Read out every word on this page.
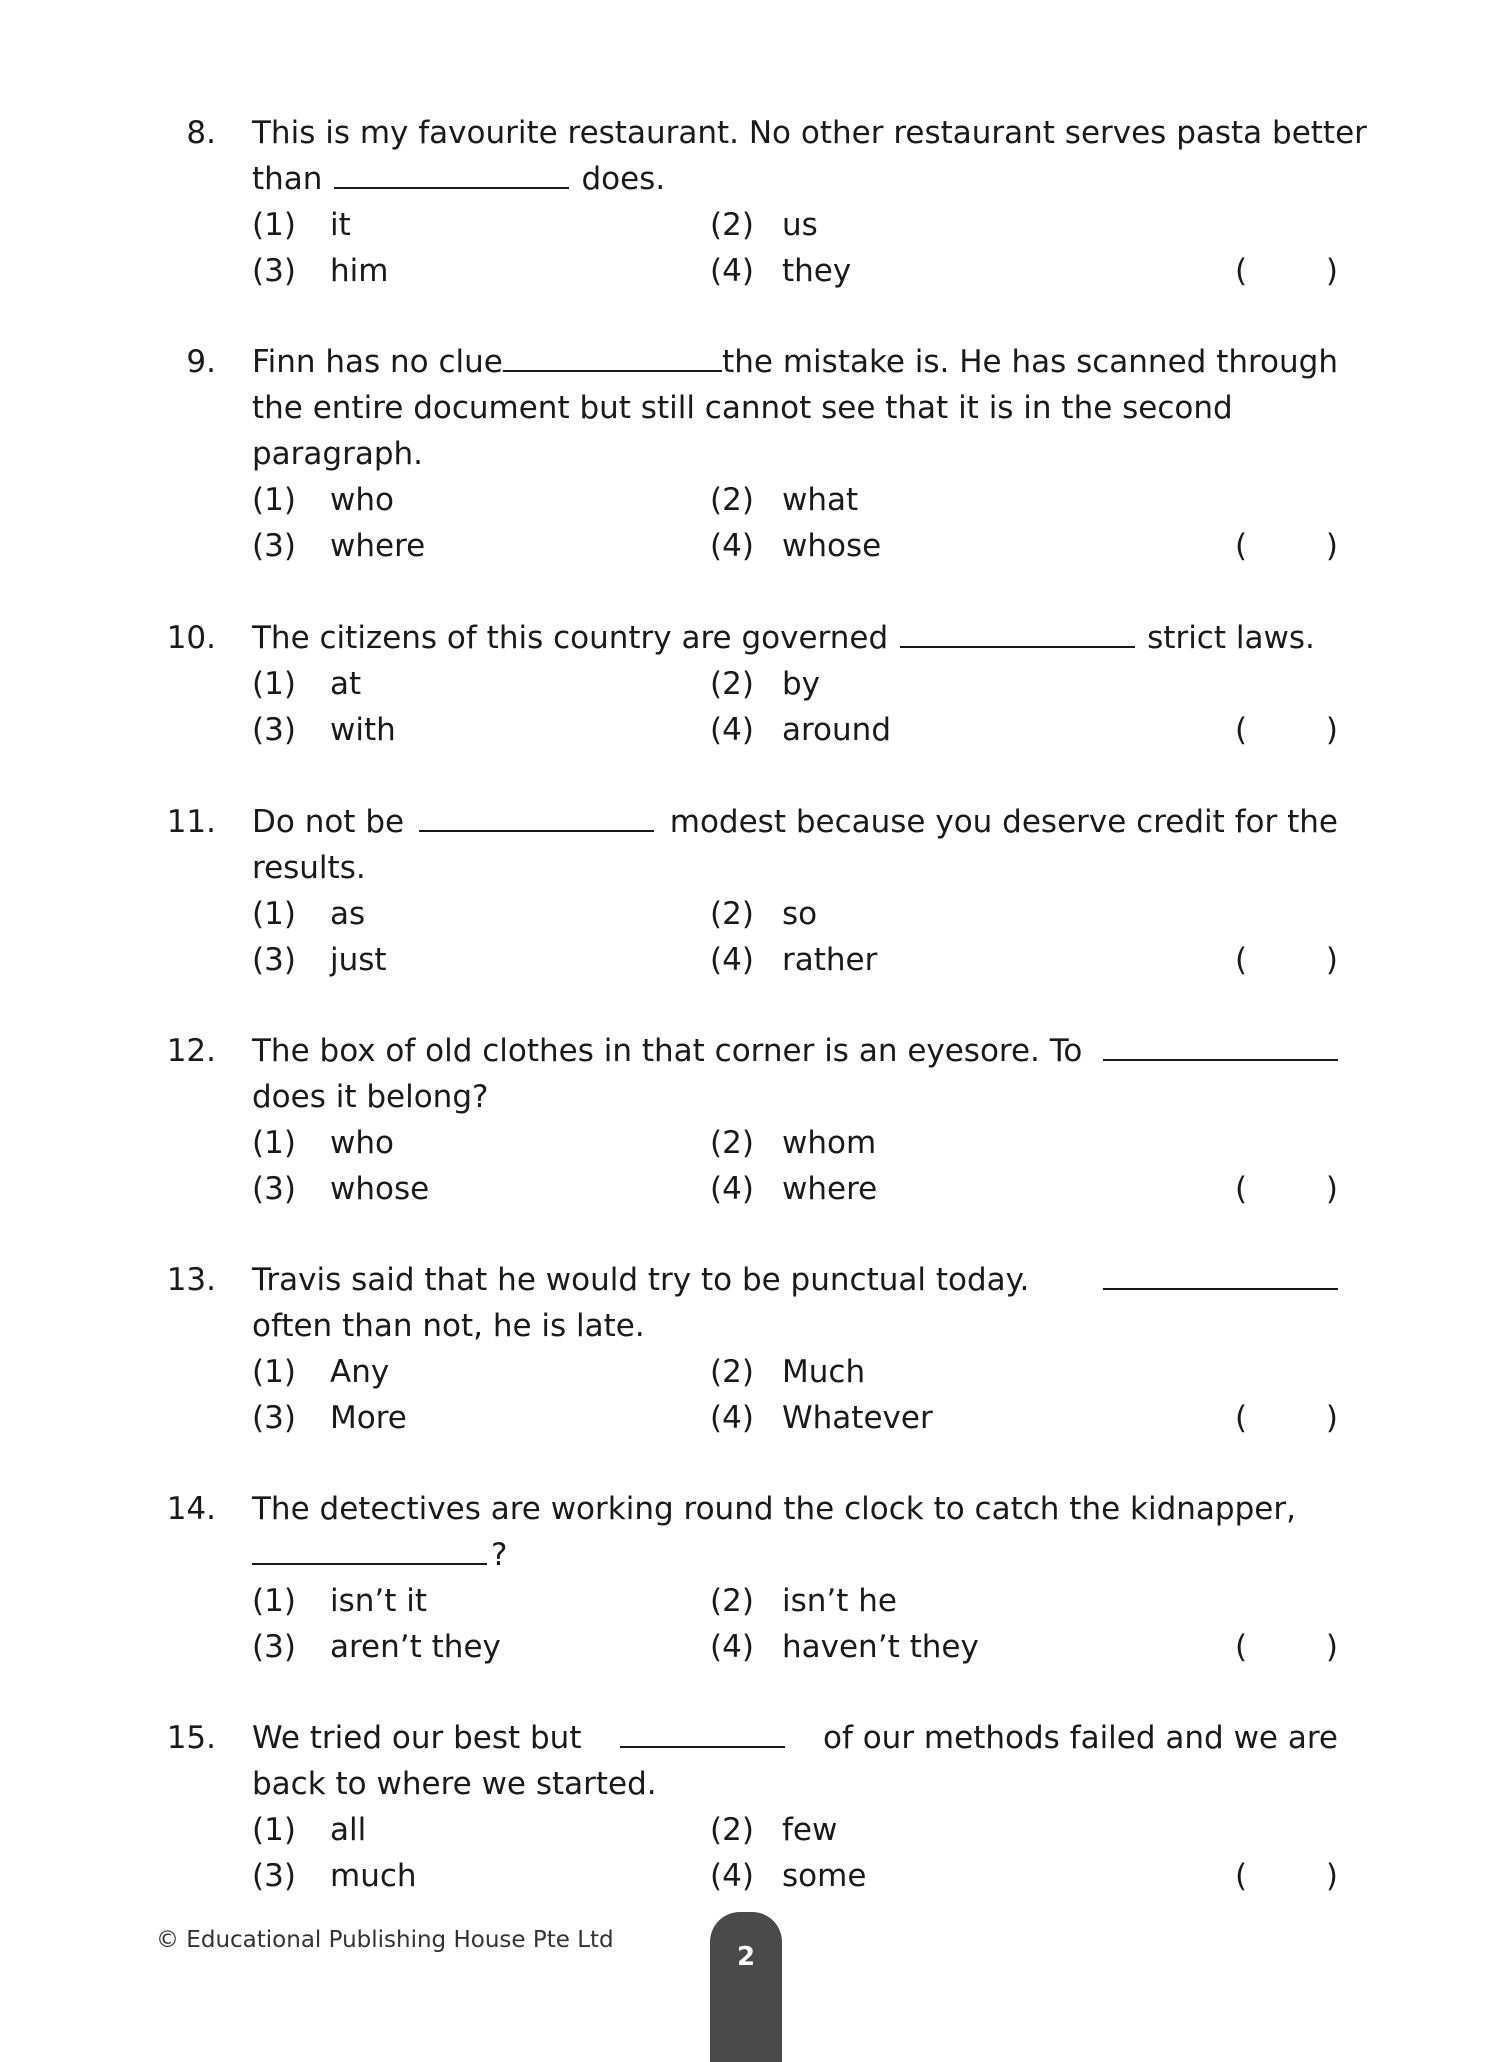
8. This is my favourite restaurant. No other restaurant serves pasta better
than	does.
(1) it	(2) us
(3) him	(4) they	(        )
9. Finn has no clue	the mistake is. He has scanned through
the entire document but still cannot see that it is in the second
paragraph.
(1) who	(2) what
(3) where	(4) whose	(        )
10. The citizens of this country are governed	strict laws.
(1) at	(2) by
(3) with	(4) around	(        )
11. Do not be	modest because you deserve credit for the
results.
(1) as	(2) so
(3) just	(4) rather	(        )
12. The box of old clothes in that corner is an eyesore. To
does it belong?
(1) who	(2) whom
(3) whose	(4) where	(        )
13. Travis said that he would try to be punctual today.
often than not, he is late.
(1) Any	(2) Much
(3) More	(4) Whatever	(        )
14. The detectives are working round the clock to catch the kidnapper,
?
(1) isn’t it	(2) isn’t he
(3) aren’t they	(4) haven’t they	(        )
15. We tried our best but	of our methods failed and we are
back to where we started.
(1) all	(2) few
(3) much	(4) some	(        )
© Educational Publishing House Pte Ltd
2
